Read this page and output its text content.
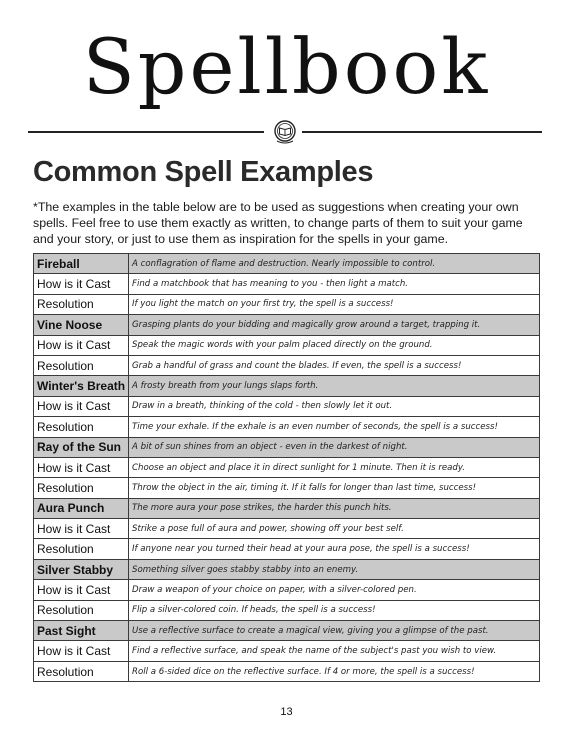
Spellbook
Common Spell Examples

*The examples in the table below are to be used as suggestions when creating your own spells. Feel free to use them exactly as written, to change parts of them to suit your game and your story, or just to use them as inspiration for the spells in your game.

Fireball	A conflagration of flame and destruction. Nearly impossible to control.
How is it Cast	Find a matchbook that has meaning to you - then light a match.
Resolution	If you light the match on your first try, the spell is a success!
Vine Noose	Grasping plants do your bidding and magically grow around a target, trapping it.
How is it Cast	Speak the magic words with your palm placed directly on the ground.
Resolution	Grab a handful of grass and count the blades. If even, the spell is a success!
Winter's Breath	A frosty breath from your lungs slaps forth.
How is it Cast	Draw in a breath, thinking of the cold - then slowly let it out.
Resolution	Time your exhale. If the exhale is an even number of seconds, the spell is a success!
Ray of the Sun	A bit of sun shines from an object - even in the darkest of night.
How is it Cast	Choose an object and place it in direct sunlight for 1 minute. Then it is ready.
Resolution	Throw the object in the air, timing it. If it falls for longer than last time, success!
Aura Punch	The more aura your pose strikes, the harder this punch hits.
How is it Cast	Strike a pose full of aura and power, showing off your best self.
Resolution	If anyone near you turned their head at your aura pose, the spell is a success!
Silver Stabby	Something silver goes stabby stabby into an enemy.
How is it Cast	Draw a weapon of your choice on paper, with a silver-colored pen.
Resolution	Flip a silver-colored coin. If heads, the spell is a success!
Past Sight	Use a reflective surface to create a magical view, giving you a glimpse of the past.
How is it Cast	Find a reflective surface, and speak the name of the subject's past you wish to view.
Resolution	Roll a 6-sided dice on the reflective surface. If 4 or more, the spell is a success!
13
